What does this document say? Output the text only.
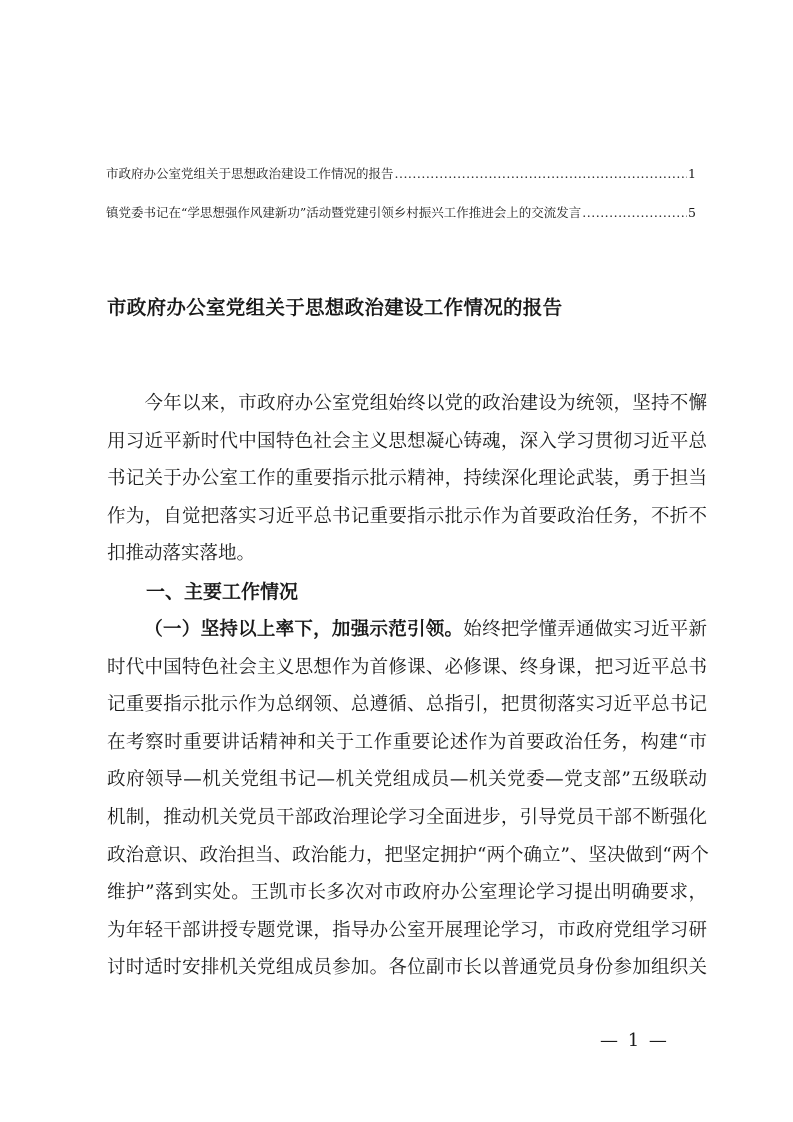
市政府办公室党组关于思想政治建设工作情况的报告 .....	1
镇党委书记在“学思想强作风建新功”活动暨党建引领乡村振兴工作推进会上的交流发言 .....	5
市政府办公室党组关于思想政治建设工作情况的报告
　　今年以来，市政府办公室党组始终以党的政治建设为统领，坚持不懈
用习近平新时代中国特色社会主义思想凝心铸魂，深入学习贯彻习近平总
书记关于办公室工作的重要指示批示精神，持续深化理论武装，勇于担当
作为，自觉把落实习近平总书记重要指示批示作为首要政治任务，不折不
扣推动落实落地。
一、主要工作情况
（一）坚持以上率下，加强示范引领。始终把学懂弄通做实习近平新
时代中国特色社会主义思想作为首修课、必修课、终身课，把习近平总书
记重要指示批示作为总纲领、总遵循、总指引，把贯彻落实习近平总书记
在考察时重要讲话精神和关于工作重要论述作为首要政治任务，构建“市
政府领导—机关党组书记—机关党组成员—机关党委—党支部”五级联动
机制，推动机关党员干部政治理论学习全面进步，引导党员干部不断强化
政治意识、政治担当、政治能力，把坚定拥护“两个确立”、坚决做到“两个
维护”落到实处。王凯市长多次对市政府办公室理论学习提出明确要求，
为年轻干部讲授专题党课，指导办公室开展理论学习，市政府党组学习研
讨时适时安排机关党组成员参加。各位副市长以普通党员身份参加组织关
— 1 —
